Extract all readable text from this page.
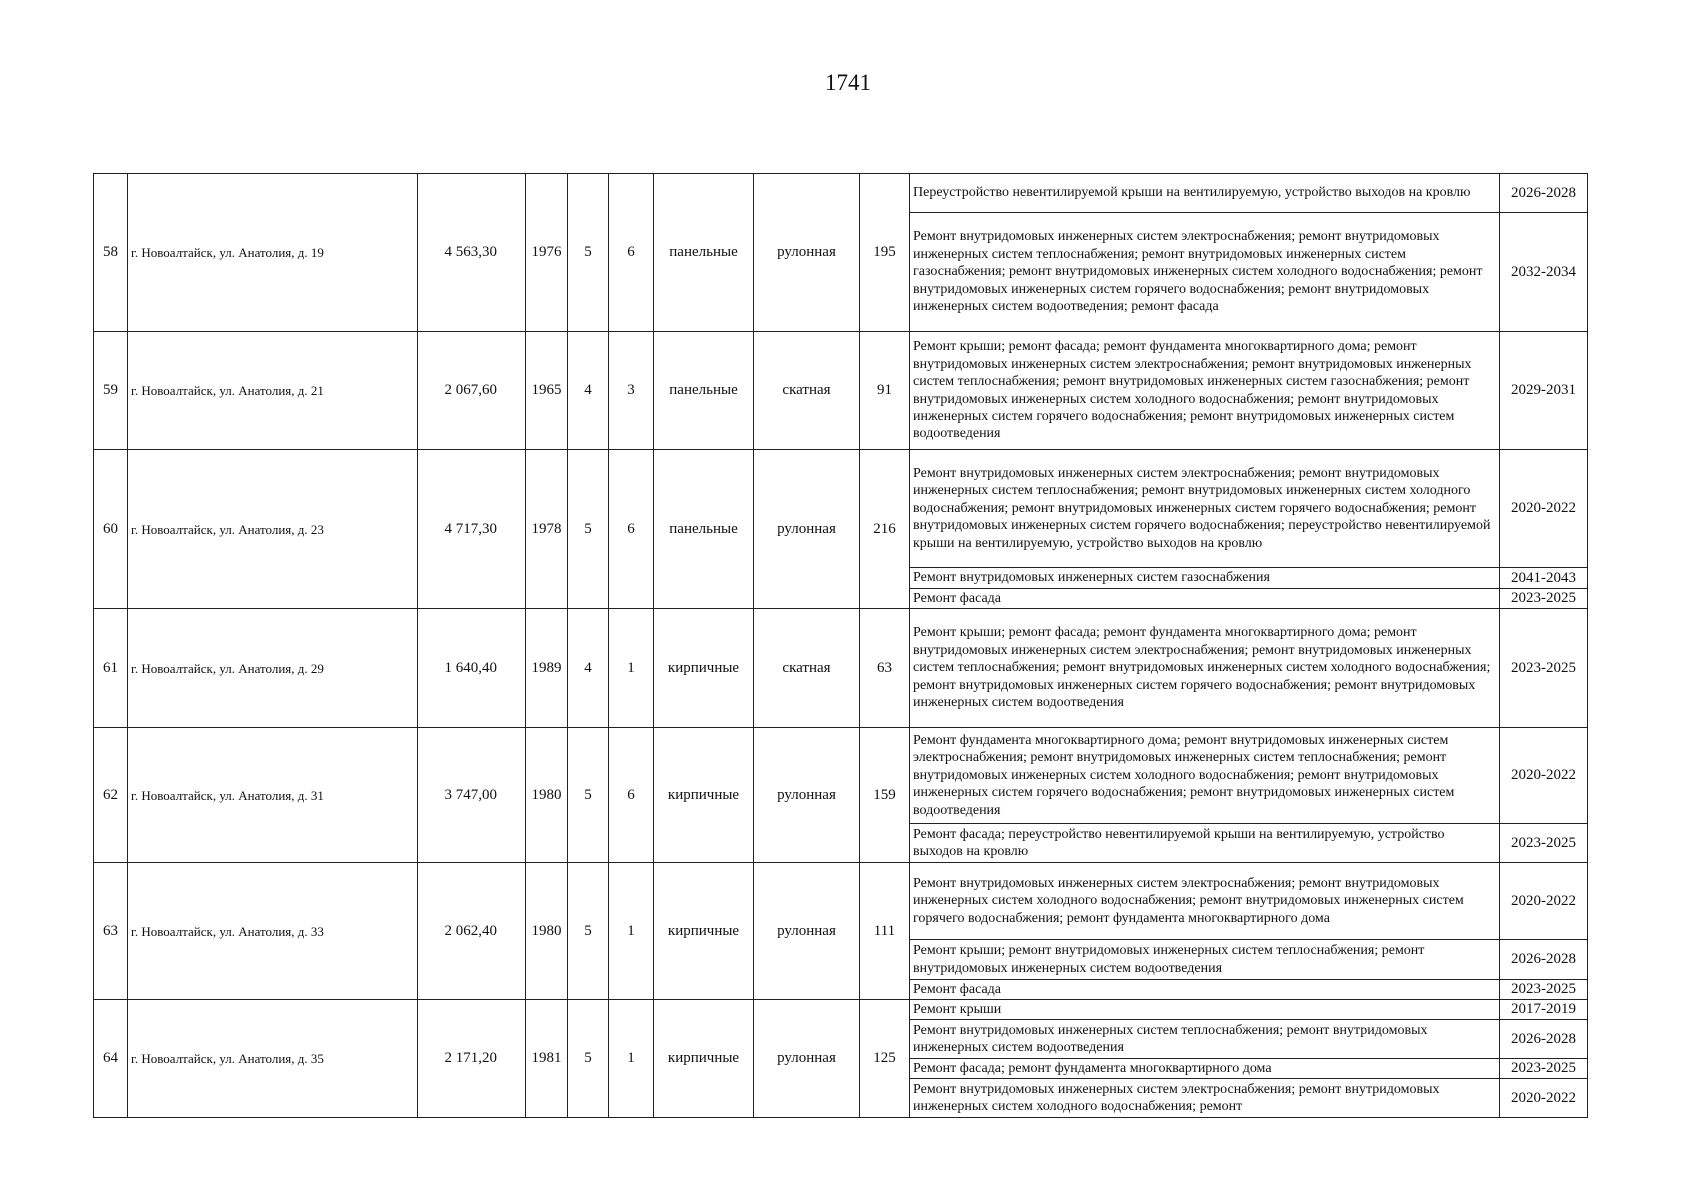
1741
58	г. Новоалтайск, ул. Анатолия, д. 19	4 563,30	1976	5	6	панельные	рулонная	195	Переустройство невентилируемой крыши на вентилируемую, устройство выходов на кровлю	2026-2028
									Ремонт внутридомовых инженерных систем электроснабжения; ремонт внутридомовых инженерных систем теплоснабжения; ремонт внутридомовых инженерных систем газоснабжения; ремонт внутридомовых инженерных систем холодного водоснабжения; ремонт внутридомовых инженерных систем горячего водоснабжения; ремонт внутридомовых инженерных систем водоотведения; ремонт фасада	2032-2034
59	г. Новоалтайск, ул. Анатолия, д. 21	2 067,60	1965	4	3	панельные	скатная	91	Ремонт крыши; ремонт фасада; ремонт фундамента многоквартирного дома; ремонт внутридомовых инженерных систем электроснабжения; ремонт внутридомовых инженерных систем теплоснабжения; ремонт внутридомовых инженерных систем газоснабжения; ремонт внутридомовых инженерных систем холодного водоснабжения; ремонт внутридомовых инженерных систем горячего водоснабжения; ремонт внутридомовых инженерных систем водоотведения	2029-2031
60	г. Новоалтайск, ул. Анатолия, д. 23	4 717,30	1978	5	6	панельные	рулонная	216	Ремонт внутридомовых инженерных систем электроснабжения; ремонт внутридомовых инженерных систем теплоснабжения; ремонт внутридомовых инженерных систем холодного водоснабжения; ремонт внутридомовых инженерных систем горячего водоснабжения; ремонт внутридомовых инженерных систем горячего водоснабжения; переустройство невентилируемой крыши на вентилируемую, устройство выходов на кровлю	2020-2022
									Ремонт внутридомовых инженерных систем газоснабжения	2041-2043
									Ремонт фасада	2023-2025
61	г. Новоалтайск, ул. Анатолия, д. 29	1 640,40	1989	4	1	кирпичные	скатная	63	Ремонт крыши; ремонт фасада; ремонт фундамента многоквартирного дома; ремонт внутридомовых инженерных систем электроснабжения; ремонт внутридомовых инженерных систем теплоснабжения; ремонт внутридомовых инженерных систем холодного водоснабжения; ремонт внутридомовых инженерных систем горячего водоснабжения; ремонт внутридомовых инженерных систем водоотведения	2023-2025
62	г. Новоалтайск, ул. Анатолия, д. 31	3 747,00	1980	5	6	кирпичные	рулонная	159	Ремонт фундамента многоквартирного дома; ремонт внутридомовых инженерных систем электроснабжения; ремонт внутридомовых инженерных систем теплоснабжения; ремонт внутридомовых инженерных систем холодного водоснабжения; ремонт внутридомовых инженерных систем горячего водоснабжения; ремонт внутридомовых инженерных систем водоотведения	2020-2022
									Ремонт фасада; переустройство невентилируемой крыши на вентилируемую, устройство выходов на кровлю	2023-2025
63	г. Новоалтайск, ул. Анатолия, д. 33	2 062,40	1980	5	1	кирпичные	рулонная	111	Ремонт внутридомовых инженерных систем электроснабжения; ремонт внутридомовых инженерных систем холодного водоснабжения; ремонт внутридомовых инженерных систем горячего водоснабжения; ремонт фундамента многоквартирного дома	2020-2022
									Ремонт крыши; ремонт внутридомовых инженерных систем теплоснабжения; ремонт внутридомовых инженерных систем водоотведения	2026-2028
									Ремонт фасада	2023-2025
64	г. Новоалтайск, ул. Анатолия, д. 35	2 171,20	1981	5	1	кирпичные	рулонная	125	Ремонт крыши	2017-2019
									Ремонт внутридомовых инженерных систем теплоснабжения; ремонт внутридомовых инженерных систем водоотведения	2026-2028
									Ремонт фасада; ремонт фундамента многоквартирного дома	2023-2025
									Ремонт внутридомовых инженерных систем электроснабжения; ремонт внутридомовых инженерных систем холодного водоснабжения; ремонт	2020-2022
